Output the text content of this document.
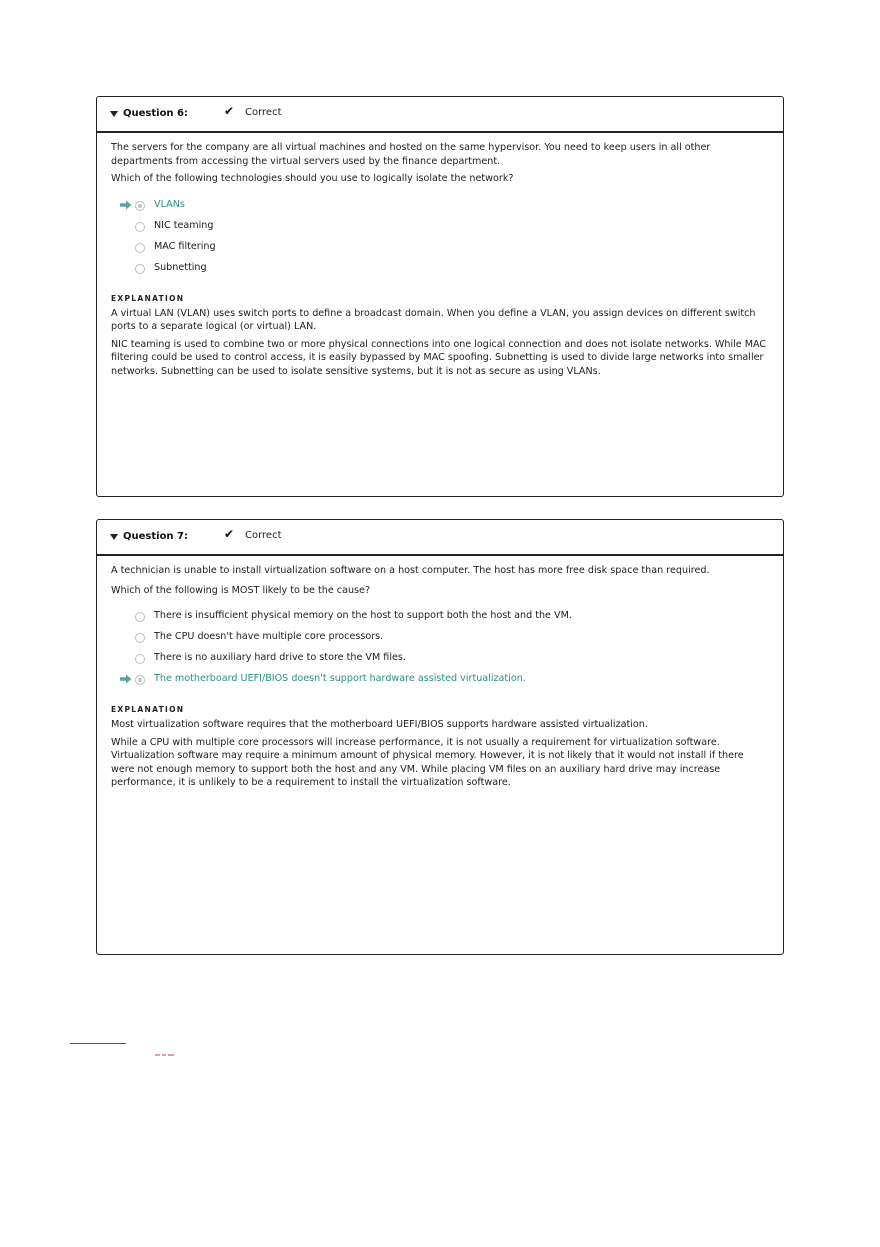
Question 6:	✔ Correct

The servers for the company are all virtual machines and hosted on the same hypervisor. You need to keep users in all other departments from accessing the virtual servers used by the finance department.

Which of the following technologies should you use to logically isolate the network?

VLANs
NIC teaming
MAC filtering
Subnetting
EXPLANATION

A virtual LAN (VLAN) uses switch ports to define a broadcast domain. When you define a VLAN, you assign devices on different switch ports to a separate logical (or virtual) LAN.

NIC teaming is used to combine two or more physical connections into one logical connection and does not isolate networks. While MAC filtering could be used to control access, it is easily bypassed by MAC spoofing. Subnetting is used to divide large networks into smaller networks. Subnetting can be used to isolate sensitive systems, but it is not as secure as using VLANs.

Question 7:	✔ Correct

A technician is unable to install virtualization software on a host computer. The host has more free disk space than required.

Which of the following is MOST likely to be the cause?

There is insufficient physical memory on the host to support both the host and the VM.
The CPU doesn't have multiple core processors.
There is no auxiliary hard drive to store the VM files.
The motherboard UEFI/BIOS doesn't support hardware assisted virtualization.
EXPLANATION

Most virtualization software requires that the motherboard UEFI/BIOS supports hardware assisted virtualization.

While a CPU with multiple core processors will increase performance, it is not usually a requirement for virtualization software. Virtualization software may require a minimum amount of physical memory. However, it is not likely that it would not install if there were not enough memory to support both the host and any VM. While placing VM files on an auxiliary hard drive may increase performance, it is unlikely to be a requirement to install the virtualization software.
